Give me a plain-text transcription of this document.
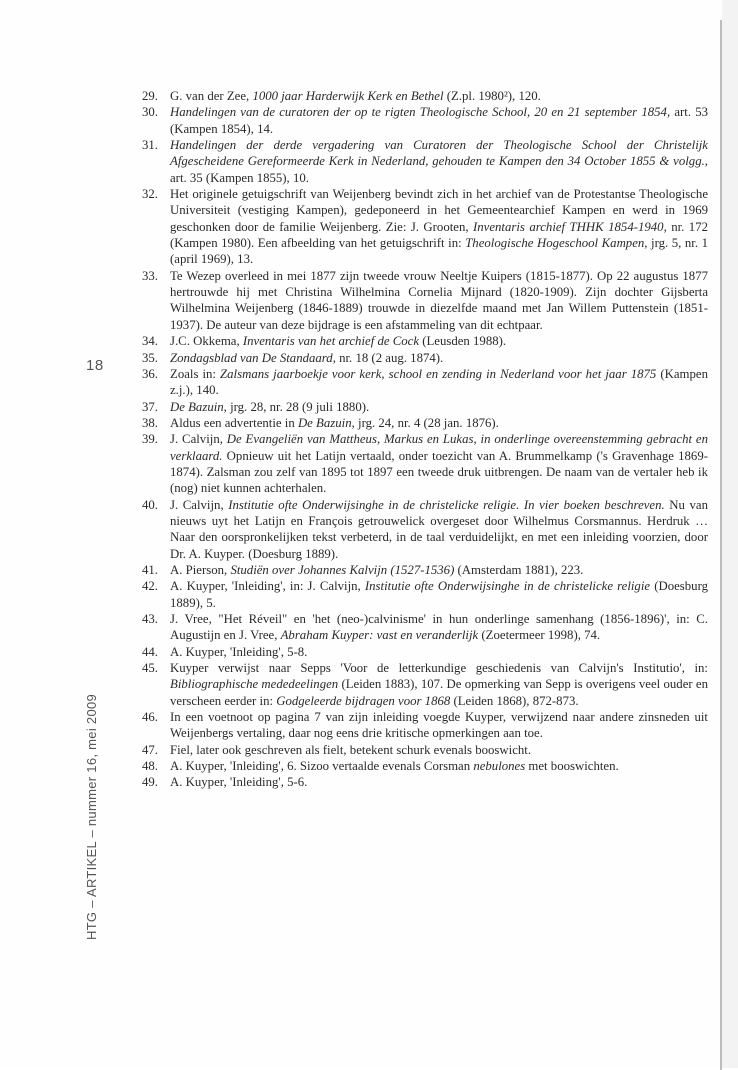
18
HTG – ARTIKEL – nummer 16, mei 2009
29. G. van der Zee, 1000 jaar Harderwijk Kerk en Bethel (Z.pl. 1980²), 120.
30. Handelingen van de curatoren der op te rigten Theologische School, 20 en 21 september 1854, art. 53 (Kampen 1854), 14.
31. Handelingen der derde vergadering van Curatoren der Theologische School der Christelijk Afgescheidene Gereformeerde Kerk in Nederland, gehouden te Kampen den 34 October 1855 & volgg., art. 35 (Kampen 1855), 10.
32. Het originele getuigschrift van Weijenberg bevindt zich in het archief van de Protestantse Theologische Universiteit (vestiging Kampen), gedeponeerd in het Gemeentearchief Kampen en werd in 1969 geschonken door de familie Weijenberg. Zie: J. Grooten, Inventaris archief THHK 1854-1940, nr. 172 (Kampen 1980). Een afbeelding van het getuigschrift in: Theologische Hogeschool Kampen, jrg. 5, nr. 1 (april 1969), 13.
33. Te Wezep overleed in mei 1877 zijn tweede vrouw Neeltje Kuipers (1815-1877). Op 22 augustus 1877 hertrouwde hij met Christina Wilhelmina Cornelia Mijnard (1820-1909). Zijn dochter Gijsberta Wilhelmina Weijenberg (1846-1889) trouwde in diezelfde maand met Jan Willem Puttenstein (1851-1937). De auteur van deze bijdrage is een afstammeling van dit echtpaar.
34. J.C. Okkema, Inventaris van het archief de Cock (Leusden 1988).
35. Zondagsblad van De Standaard, nr. 18 (2 aug. 1874).
36. Zoals in: Zalsmans jaarboekje voor kerk, school en zending in Nederland voor het jaar 1875 (Kampen z.j.), 140.
37. De Bazuin, jrg. 28, nr. 28 (9 juli 1880).
38. Aldus een advertentie in De Bazuin, jrg. 24, nr. 4 (28 jan. 1876).
39. J. Calvijn, De Evangeliën van Mattheus, Markus en Lukas, in onderlinge overeenstemming gebracht en verklaard. Opnieuw uit het Latijn vertaald, onder toezicht van A. Brummelkamp ('s Gravenhage 1869-1874). Zalsman zou zelf van 1895 tot 1897 een tweede druk uitbrengen. De naam van de vertaler heb ik (nog) niet kunnen achterhalen.
40. J. Calvijn, Institutie ofte Onderwijsinghe in de christelicke religie. In vier boeken beschreven. Nu van nieuws uyt het Latijn en François getrouwelick overgeset door Wilhelmus Corsmannus. Herdruk … Naar den oorspronkelijken tekst verbeterd, in de taal verduidelijkt, en met een inleiding voorzien, door Dr. A. Kuyper. (Doesburg 1889).
41. A. Pierson, Studiën over Johannes Kalvijn (1527-1536) (Amsterdam 1881), 223.
42. A. Kuyper, 'Inleiding', in: J. Calvijn, Institutie ofte Onderwijsinghe in de christelicke religie (Doesburg 1889), 5.
43. J. Vree, "Het Réveil" en 'het (neo-)calvinisme' in hun onderlinge samenhang (1856-1896)', in: C. Augustijn en J. Vree, Abraham Kuyper: vast en veranderlijk (Zoetermeer 1998), 74.
44. A. Kuyper, 'Inleiding', 5-8.
45. Kuyper verwijst naar Sepps 'Voor de letterkundige geschiedenis van Calvijn's Institutio', in: Bibliographische mededeelingen (Leiden 1883), 107. De opmerking van Sepp is overigens veel ouder en verscheen eerder in: Godgeleerde bijdragen voor 1868 (Leiden 1868), 872-873.
46. In een voetnoot op pagina 7 van zijn inleiding voegde Kuyper, verwijzend naar andere zinsneden uit Weijenbergs vertaling, daar nog eens drie kritische opmerkingen aan toe.
47. Fiel, later ook geschreven als fielt, betekent schurk evenals booswicht.
48. A. Kuyper, 'Inleiding', 6. Sizoo vertaalde evenals Corsman nebulones met booswichten.
49. A. Kuyper, 'Inleiding', 5-6.
